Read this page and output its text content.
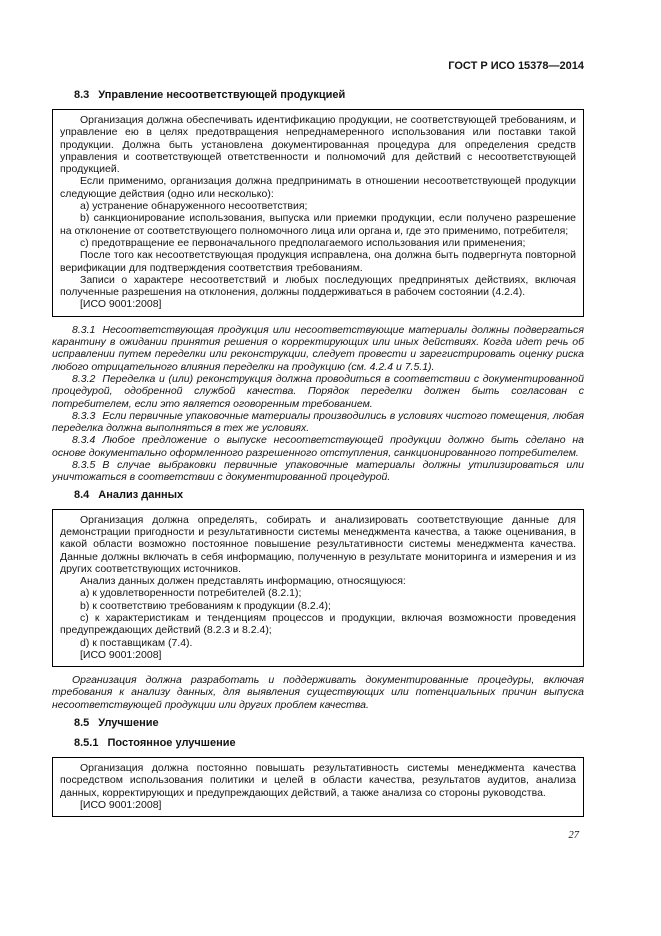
ГОСТ Р ИСО 15378—2014
8.3 Управление несоответствующей продукцией

Организация должна обеспечивать идентификацию продукции, не соответствующей требованиям, и управление ею в целях предотвращения непреднамеренного использования или поставки такой продукции. Должна быть установлена документированная процедура для определения средств управления и соответствующей ответственности и полномочий для действий с несоответствующей продукцией.

Если применимо, организация должна предпринимать в отношении несоответствующей продукции следующие действия (одно или несколько):

a) устранение обнаруженного несоответствия;

b) санкционирование использования, выпуска или приемки продукции, если получено разрешение на отклонение от соответствующего полномочного лица или органа и, где это применимо, потребителя;

c) предотвращение ее первоначального предполагаемого использования или применения;

После того как несоответствующая продукция исправлена, она должна быть подвергнута повторной верификации для подтверждения соответствия требованиям.

Записи о характере несоответствий и любых последующих предпринятых действиях, включая полученные разрешения на отклонения, должны поддерживаться в рабочем состоянии (4.2.4).

[ИСО 9001:2008]

8.3.1 Несоответствующая продукция или несоответствующие материалы должны подвергаться карантину в ожидании принятия решения о корректирующих или иных действиях. Когда идет речь об исправлении путем переделки или реконструкции, следует провести и зарегистрировать оценку риска любого отрицательного влияния переделки на продукцию (см. 4.2.4 и 7.5.1).

8.3.2 Переделка и (или) реконструкция должна проводиться в соответствии с документированной процедурой, одобренной службой качества. Порядок переделки должен быть согласован с потребителем, если это является оговоренным требованием.

8.3.3 Если первичные упаковочные материалы производились в условиях чистого помещения, любая переделка должна выполняться в тех же условиях.

8.3.4 Любое предложение о выпуске несоответствующей продукции должно быть сделано на основе документально оформленного разрешенного отступления, санкционированного потребителем.

8.3.5 В случае выбраковки первичные упаковочные материалы должны утилизироваться или уничтожаться в соответствии с документированной процедурой.

8.4 Анализ данных

Организация должна определять, собирать и анализировать соответствующие данные для демонстрации пригодности и результативности системы менеджмента качества, а также оценивания, в какой области возможно постоянное повышение результативности системы менеджмента качества. Данные должны включать в себя информацию, полученную в результате мониторинга и измерения и из других соответствующих источников.

Анализ данных должен представлять информацию, относящуюся:

a) к удовлетворенности потребителей (8.2.1);

b) к соответствию требованиям к продукции (8.2.4);

c) к характеристикам и тенденциям процессов и продукции, включая возможности проведения предупреждающих действий (8.2.3 и 8.2.4);

d) к поставщикам (7.4).

[ИСО 9001:2008]

Организация должна разработать и поддерживать документированные процедуры, включая требования к анализу данных, для выявления существующих или потенциальных причин выпуска несоответствующей продукции или других проблем качества.

8.5 Улучшение
8.5.1 Постоянное улучшение

Организация должна постоянно повышать результативность системы менеджмента качества посредством использования политики и целей в области качества, результатов аудитов, анализа данных, корректирующих и предупреждающих действий, а также анализа со стороны руководства.

[ИСО 9001:2008]

27
